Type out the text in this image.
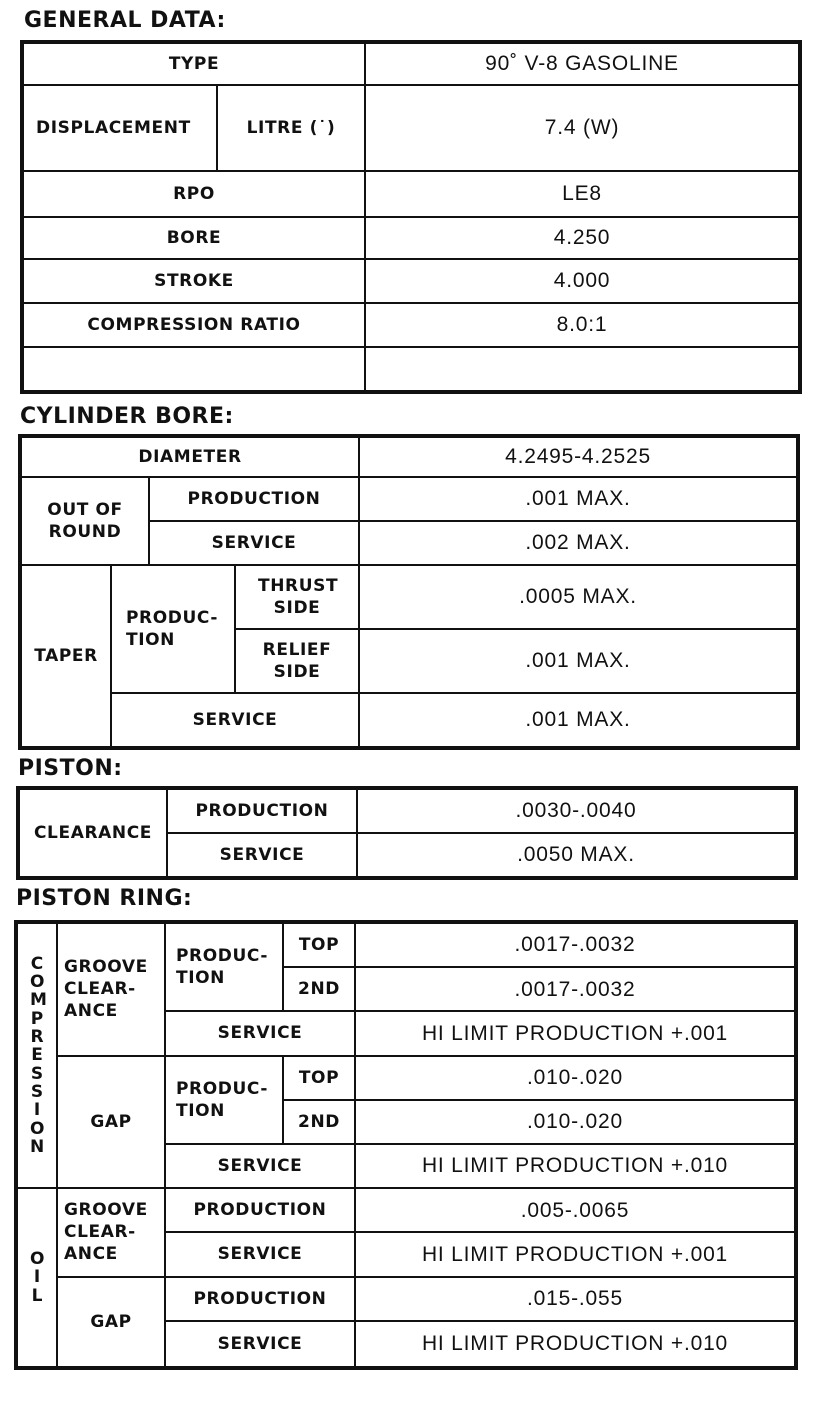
GENERAL DATA:
TYPE		90˚ V-8 GASOLINE
DISPLACEMENT	LITRE (˙)	7.4 (W)
RPO		LE8
BORE		4.250
STROKE		4.000
COMPRESSION RATIO		8.0:1

CYLINDER BORE:
DIAMETER				4.2495-4.2525
OUT OF ROUND		PRODUCTION		.001 MAX.
		SERVICE		.002 MAX.
TAPER	PRODUC- TION		THRUST SIDE	.0005 MAX.
			RELIEF SIDE	.001 MAX.
	SERVICE			.001 MAX.
PISTON:
CLEARANCE	PRODUCTION	.0030-.0040
	SERVICE	.0050 MAX.
PISTON RING:
C O M P R E S S I O N	GROOVE CLEAR- ANCE	PRODUC- TION	TOP	.0017-.0032
			2ND	.0017-.0032
		SERVICE		HI LIMIT PRODUCTION +.001
	GAP	PRODUC- TION	TOP	.010-.020
			2ND	.010-.020
		SERVICE		HI LIMIT PRODUCTION +.010
O I L	GROOVE CLEAR- ANCE	PRODUCTION		.005-.0065
		SERVICE		HI LIMIT PRODUCTION +.001
	GAP	PRODUCTION		.015-.055
		SERVICE		HI LIMIT PRODUCTION +.010
